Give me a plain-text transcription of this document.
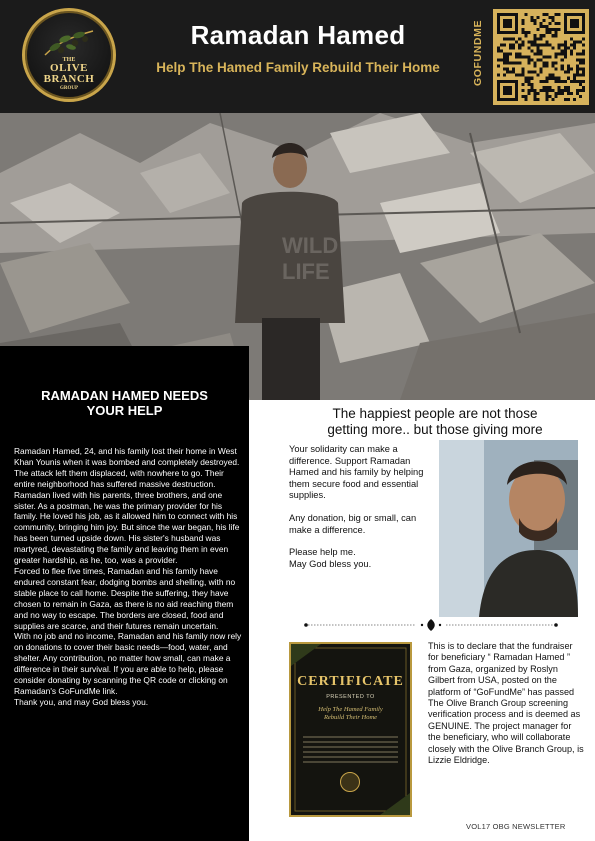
THE
OLIVE
BRANCH
GROUP
Ramadan Hamed
Help The Hamed Family Rebuild Their Home	GOFUNDME
WILD
LIFE
RAMADAN HAMED NEEDS
YOUR HELP

Ramadan Hamed, 24, and his family lost their home in West Khan Younis when it was bombed and completely destroyed. The attack left them displaced, with nowhere to go. Their entire neighborhood has suffered massive destruction. Ramadan lived with his parents, three brothers, and one sister. As a postman, he was the primary provider for his family. He loved his job, as it allowed him to connect with his community, bringing him joy. But since the war began, his life has been turned upside down. His sister's husband was martyred, devastating the family and leaving them in even greater hardship, as he, too, was a provider.

Forced to flee five times, Ramadan and his family have endured constant fear, dodging bombs and shelling, with no stable place to call home. Despite the suffering, they have chosen to remain in Gaza, as there is no aid reaching them and no way to escape. The borders are closed, food and supplies are scarce, and their futures remain uncertain.

With no job and no income, Ramadan and his family now rely on donations to cover their basic needs—food, water, and shelter. Any contribution, no matter how small, can make a difference in their survival. If you are able to help, please consider donating by scanning the QR code or clicking on Ramadan's GoFundMe link.

Thank you, and may God bless you.

The happiest people are not those
getting more.. but those giving more

Your solidarity can make a difference. Support Ramadan Hamed and his family by helping them secure food and essential supplies.

Any donation, big or small, can make a difference.

Please help me.
May God bless you.

CERTIFICATE
PRESENTED TO
Help The Hamed Family
Rebuild Their Home
This is to declare that the fundraiser for beneficiary “ Ramadan Hamed ” from Gaza, organized by Roslyn Gilbert from USA, posted on the platform of “GoFundMe” has passed The Olive Branch Group screening verification process and is deemed as GENUINE. The project manager for the beneficiary, who will collaborate closely with the Olive Branch Group, is Lizzie Eldridge.
VOL17 OBG NEWSLETTER
